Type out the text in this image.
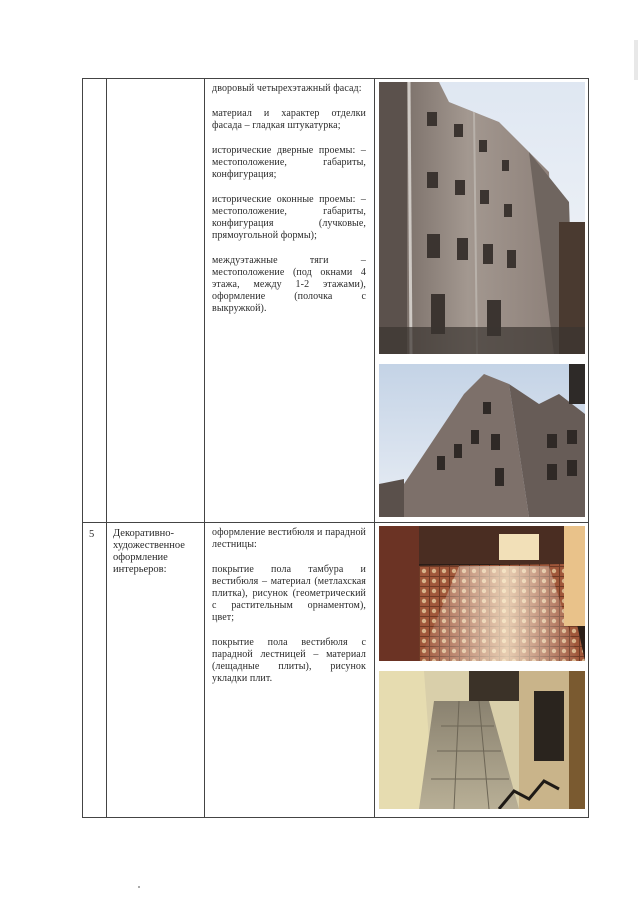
		дворовый четырехэтажный фасад:

материал и характер отделки фасада – гладкая штукатурка;

исторические дверные проемы: – местоположение, габариты, конфигурация;

исторические оконные проемы: – местоположение, габариты, конфигурация (лучковые, прямоугольной формы);

междуэтажные тяги – местоположение (под окнами 4 этажа, между 1-2 этажами), оформление (полочка с выкружкой).

5	Декоративно-художественное оформление интерьеров:	оформление вестибюля и парадной лестницы:

покрытие пола тамбура и вестибюля – материал (метлахская плитка), рисунок (геометрический с растительным орнаментом), цвет;

покрытие пола вестибюля с парадной лестницей – материал (лещадные плиты), рисунок укладки плит.
